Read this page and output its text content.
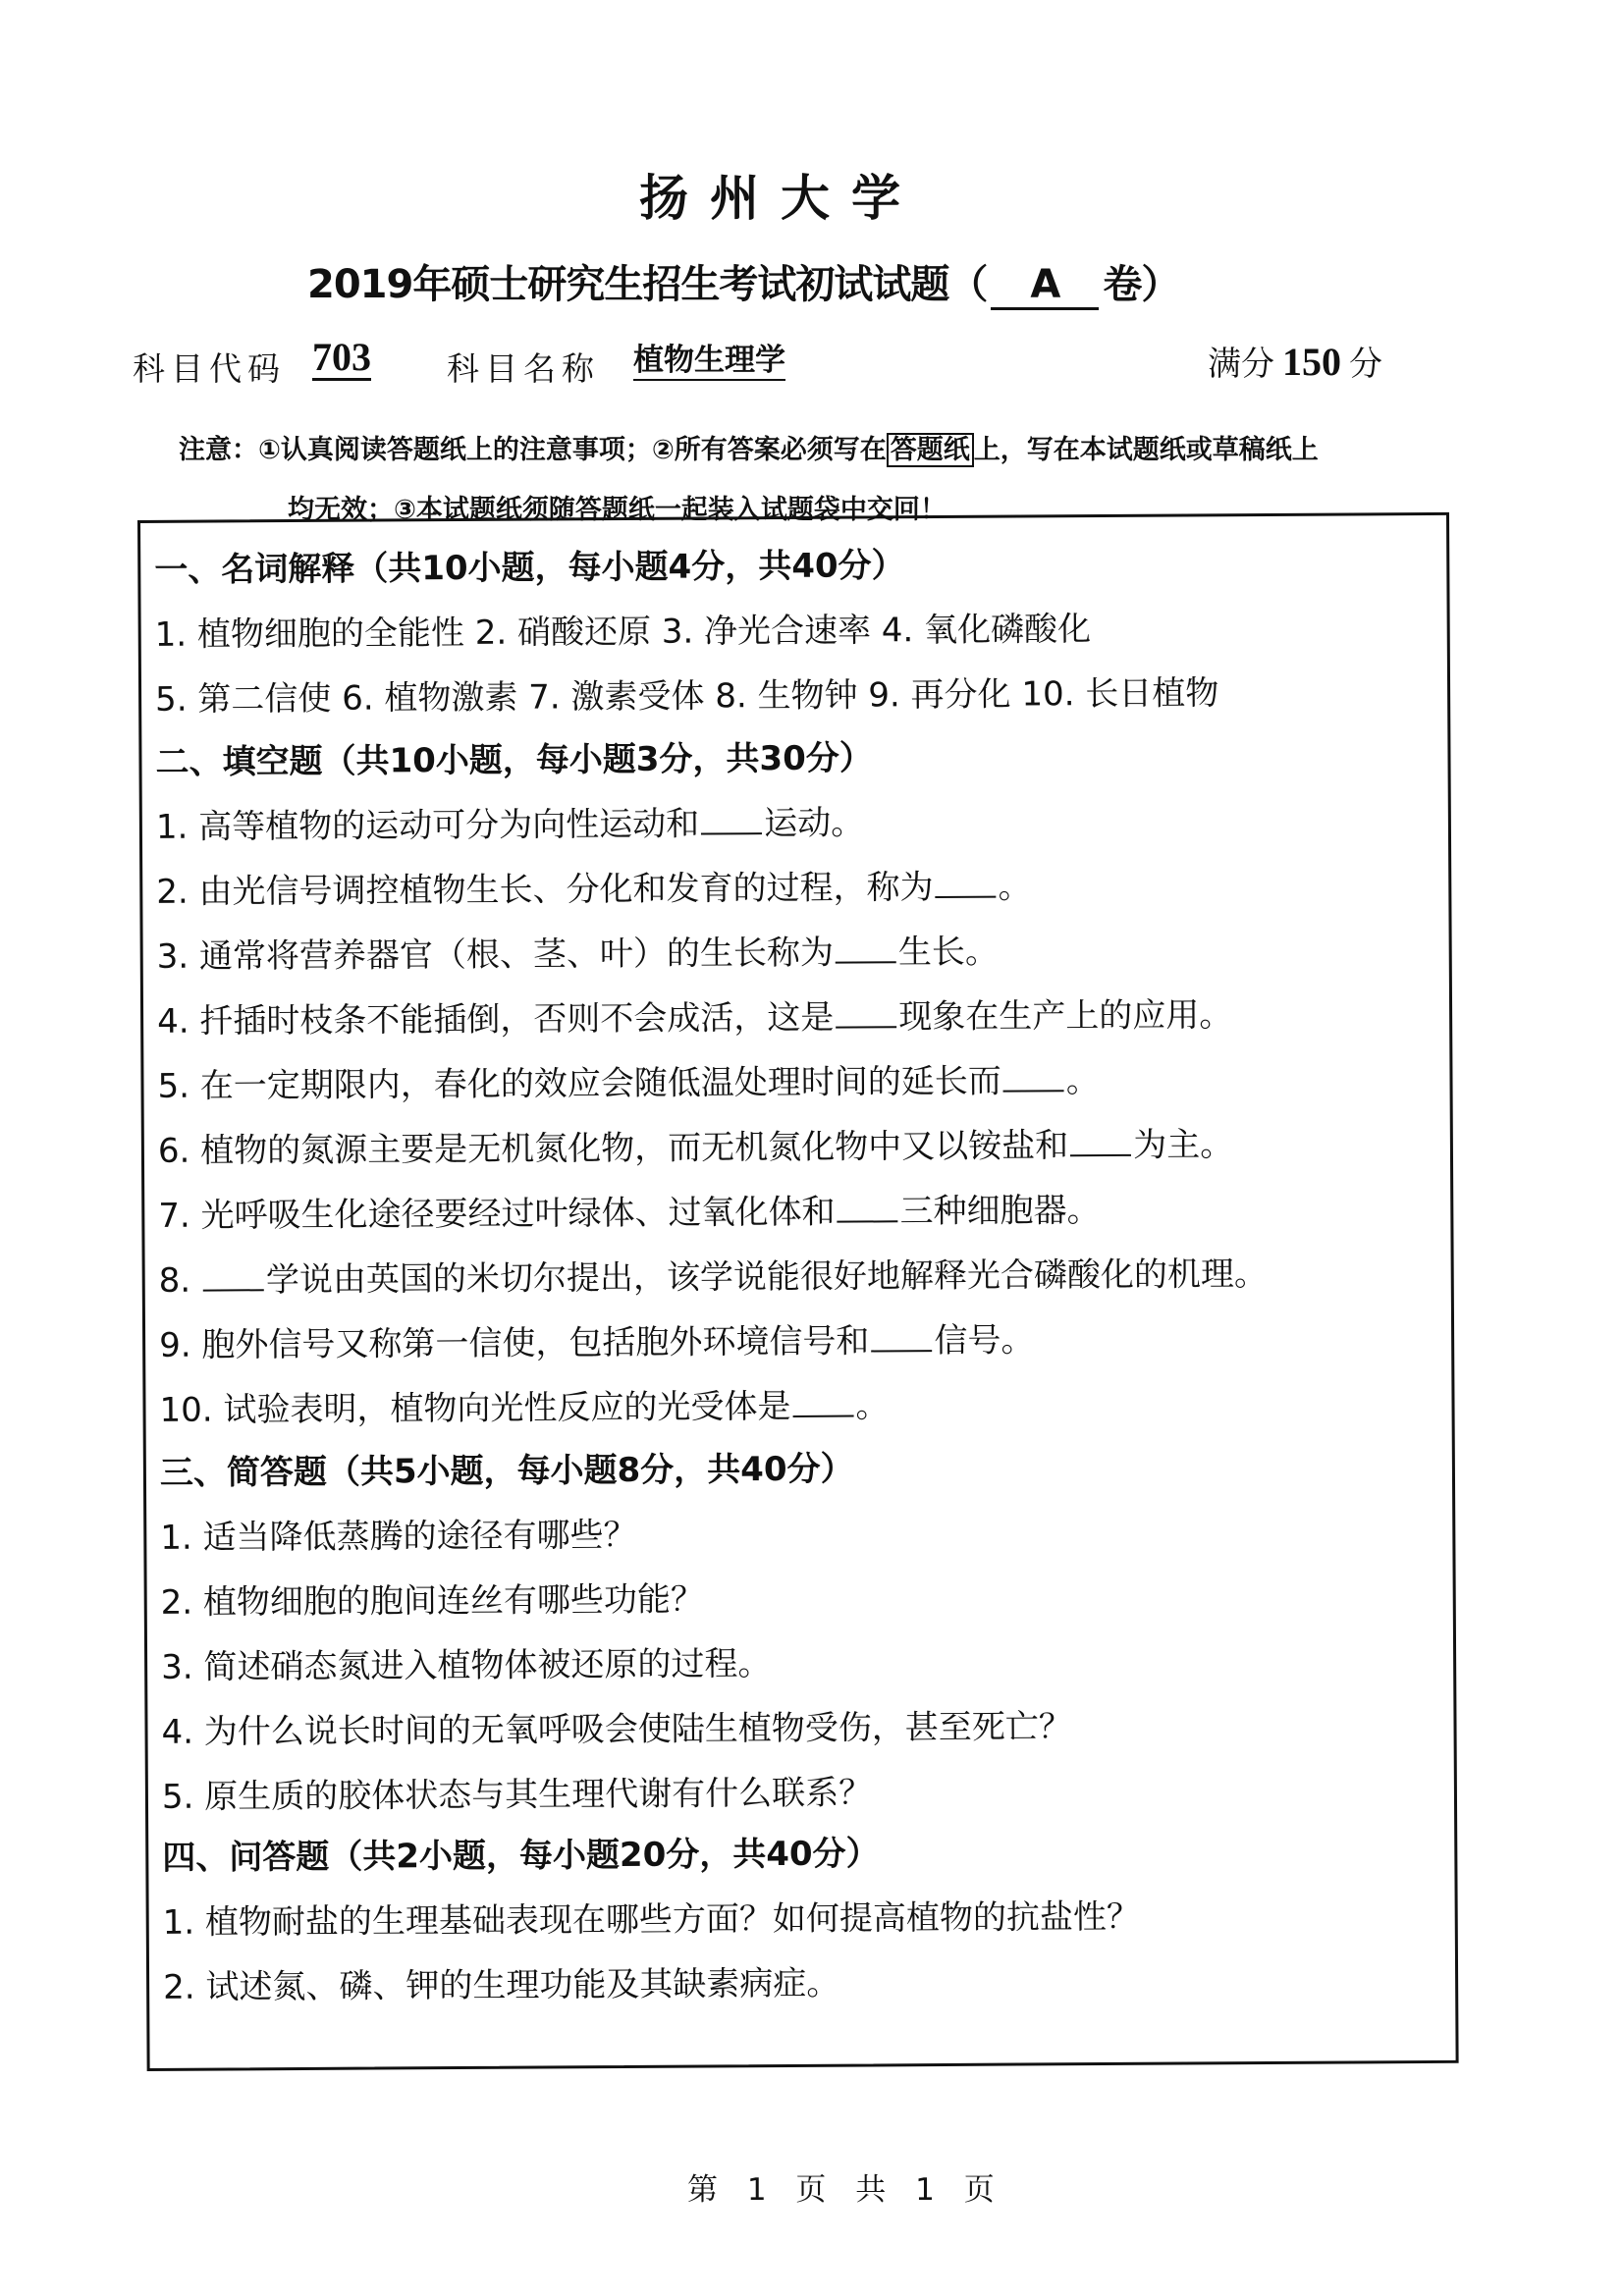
扬州大学
2019年硕士研究生招生考试初试试题（ A 卷）
科目代码 703 科目名称 植物生理学	满分 150 分
注意：①认真阅读答题纸上的注意事项；②所有答案必须写在 答题纸 上，写在本试题纸或草稿纸上
均无效；③本试题纸须随答题纸一起装入试题袋中交回！
一、名词解释（共10小题，每小题4分，共40分）
1. 植物细胞的全能性 2. 硝酸还原 3. 净光合速率 4. 氧化磷酸化
5. 第二信使 6. 植物激素 7. 激素受体 8. 生物钟 9. 再分化 10. 长日植物
二、填空题（共10小题，每小题3分，共30分）
1. 高等植物的运动可分为向性运动和 运动。
2. 由光信号调控植物生长、分化和发育的过程，称为 。
3. 通常将营养器官（根、茎、叶）的生长称为 生长。
4. 扦插时枝条不能插倒，否则不会成活，这是 现象在生产上的应用。
5. 在一定期限内，春化的效应会随低温处理时间的延长而 。
6. 植物的氮源主要是无机氮化物，而无机氮化物中又以铵盐和 为主。
7. 光呼吸生化途径要经过叶绿体、过氧化体和 三种细胞器。
8. 学说由英国的米切尔提出，该学说能很好地解释光合磷酸化的机理。
9. 胞外信号又称第一信使，包括胞外环境信号和 信号。
10. 试验表明，植物向光性反应的光受体是 。
三、简答题（共5小题，每小题8分，共40分）
1. 适当降低蒸腾的途径有哪些？
2. 植物细胞的胞间连丝有哪些功能？
3. 简述硝态氮进入植物体被还原的过程。
4. 为什么说长时间的无氧呼吸会使陆生植物受伤，甚至死亡？
5. 原生质的胶体状态与其生理代谢有什么联系？
四、问答题（共2小题，每小题20分，共40分）
1. 植物耐盐的生理基础表现在哪些方面？如何提高植物的抗盐性？
2. 试述氮、磷、钾的生理功能及其缺素病症。
第 1 页 共 1 页
